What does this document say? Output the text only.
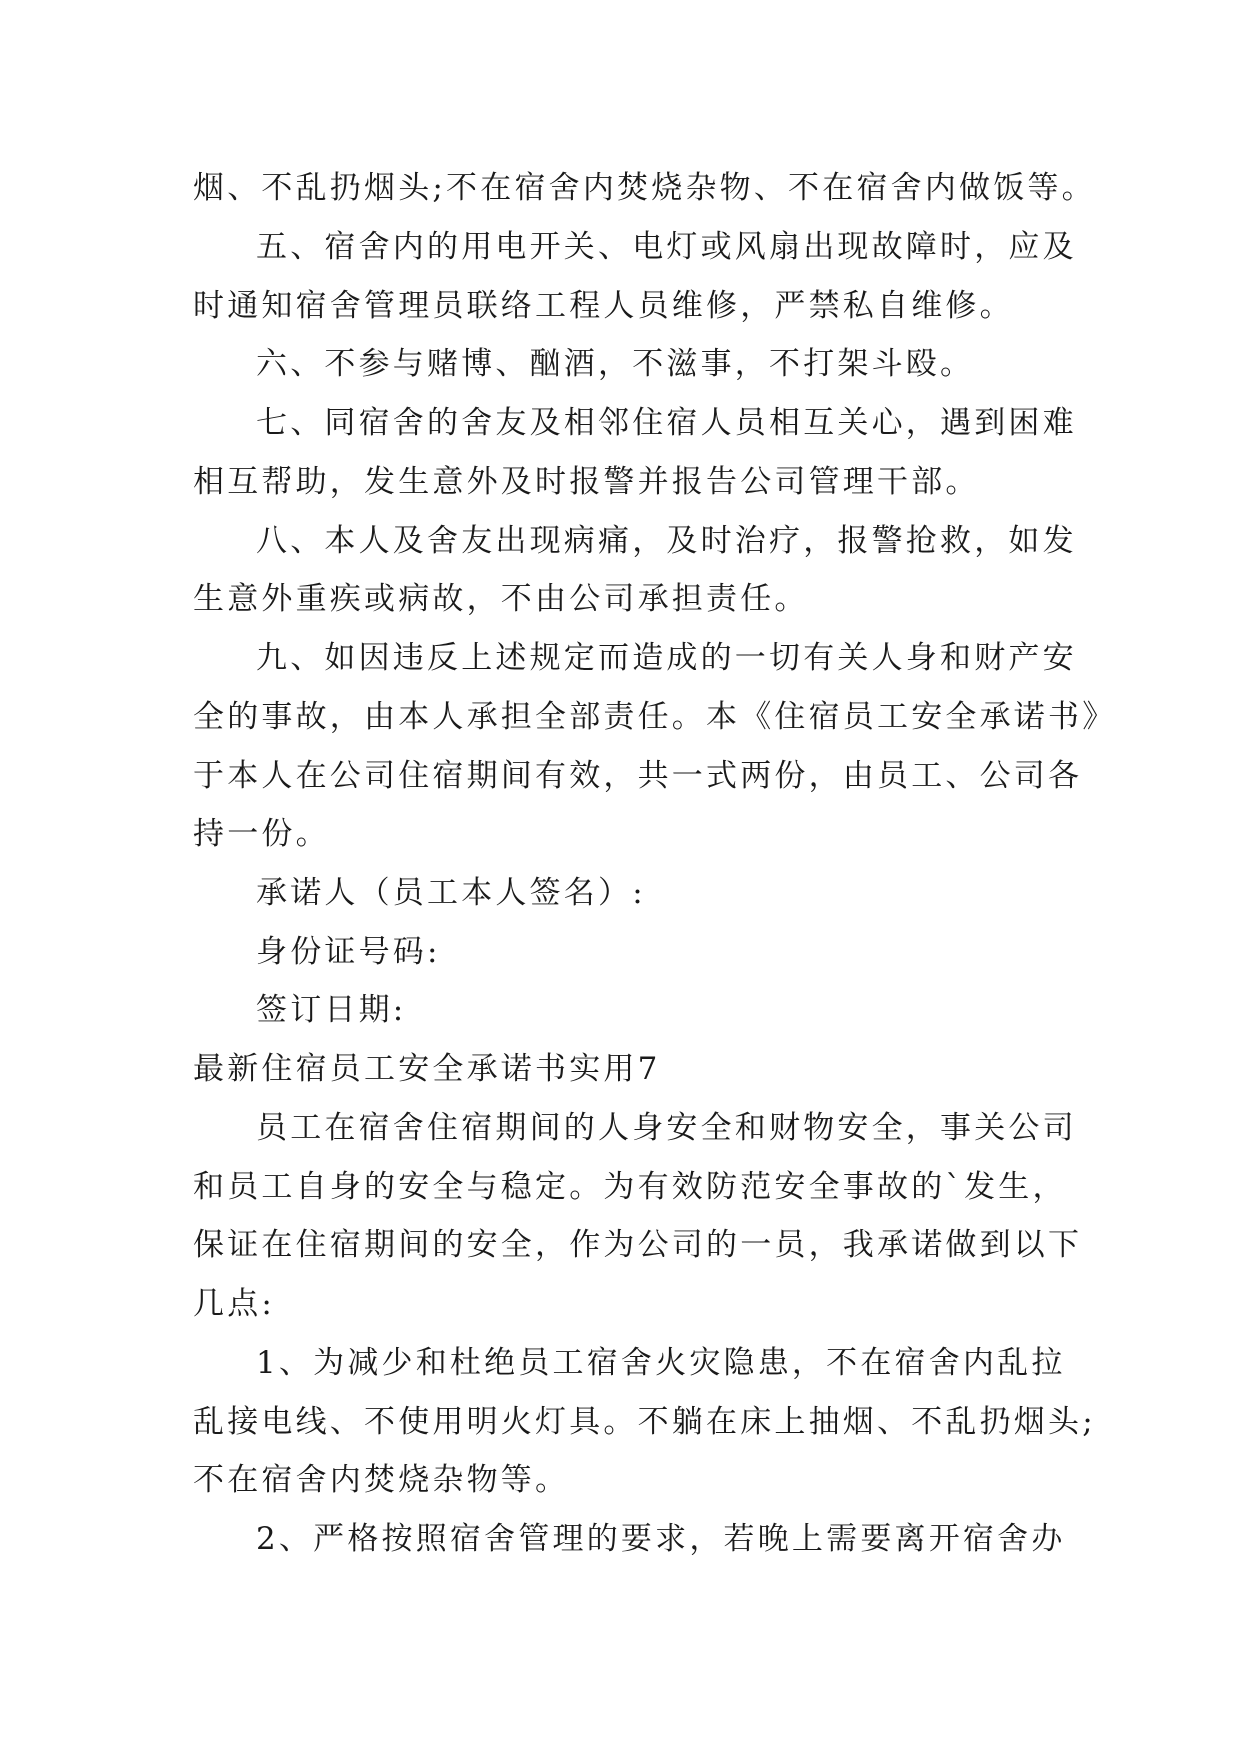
烟、不乱扔烟头;不在宿舍内焚烧杂物、不在宿舍内做饭等。
五、宿舍内的用电开关、电灯或风扇出现故障时，应及
时通知宿舍管理员联络工程人员维修，严禁私自维修。
六、不参与赌博、酗酒，不滋事，不打架斗殴。
七、同宿舍的舍友及相邻住宿人员相互关心，遇到困难
相互帮助，发生意外及时报警并报告公司管理干部。
八、本人及舍友出现病痛，及时治疗，报警抢救，如发
生意外重疾或病故，不由公司承担责任。
九、如因违反上述规定而造成的一切有关人身和财产安
全的事故，由本人承担全部责任。本《住宿员工安全承诺书》
于本人在公司住宿期间有效，共一式两份，由员工、公司各
持一份。
承诺人（员工本人签名）:
身份证号码:
签订日期:
最新住宿员工安全承诺书实用7
员工在宿舍住宿期间的人身安全和财物安全，事关公司
和员工自身的安全与稳定。为有效防范安全事故的`发生，
保证在住宿期间的安全，作为公司的一员，我承诺做到以下
几点:
1、为减少和杜绝员工宿舍火灾隐患，不在宿舍内乱拉
乱接电线、不使用明火灯具。不躺在床上抽烟、不乱扔烟头;
不在宿舍内焚烧杂物等。
2、严格按照宿舍管理的要求，若晚上需要离开宿舍办
